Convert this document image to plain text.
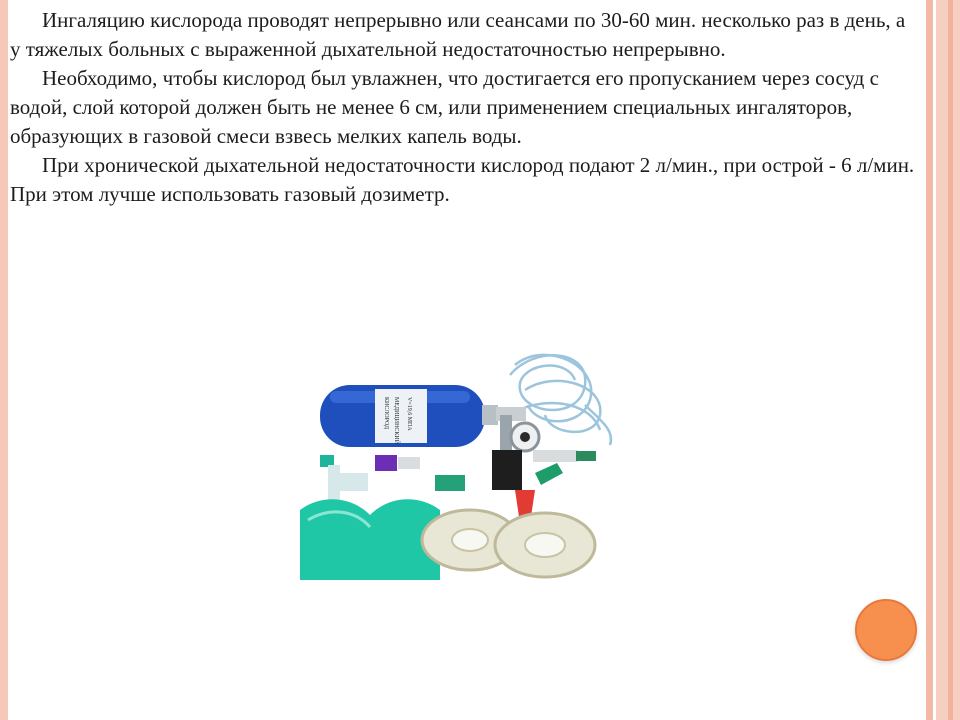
Ингаляцию кислорода проводят непрерывно или сеансами по 30-60 мин. несколько раз в день, а у тяжелых больных с выраженной дыхательной недостаточностью непрерывно.

Необходимо, чтобы кислород был увлажнен, что достигается его пропусканием через сосуд с водой, слой которой должен быть не менее 6 см, или применением специальных ингаляторов, образующих в газовой смеси взвесь мелких капель воды.

При хронической дыхательной недостаточности кислород подают 2 л/мин., при острой - 6 л/мин. При этом лучше использовать газовый дозиметр.

КИСЛОРОД МЕДИЦИНСКИЙ	V=19,6 МПА
